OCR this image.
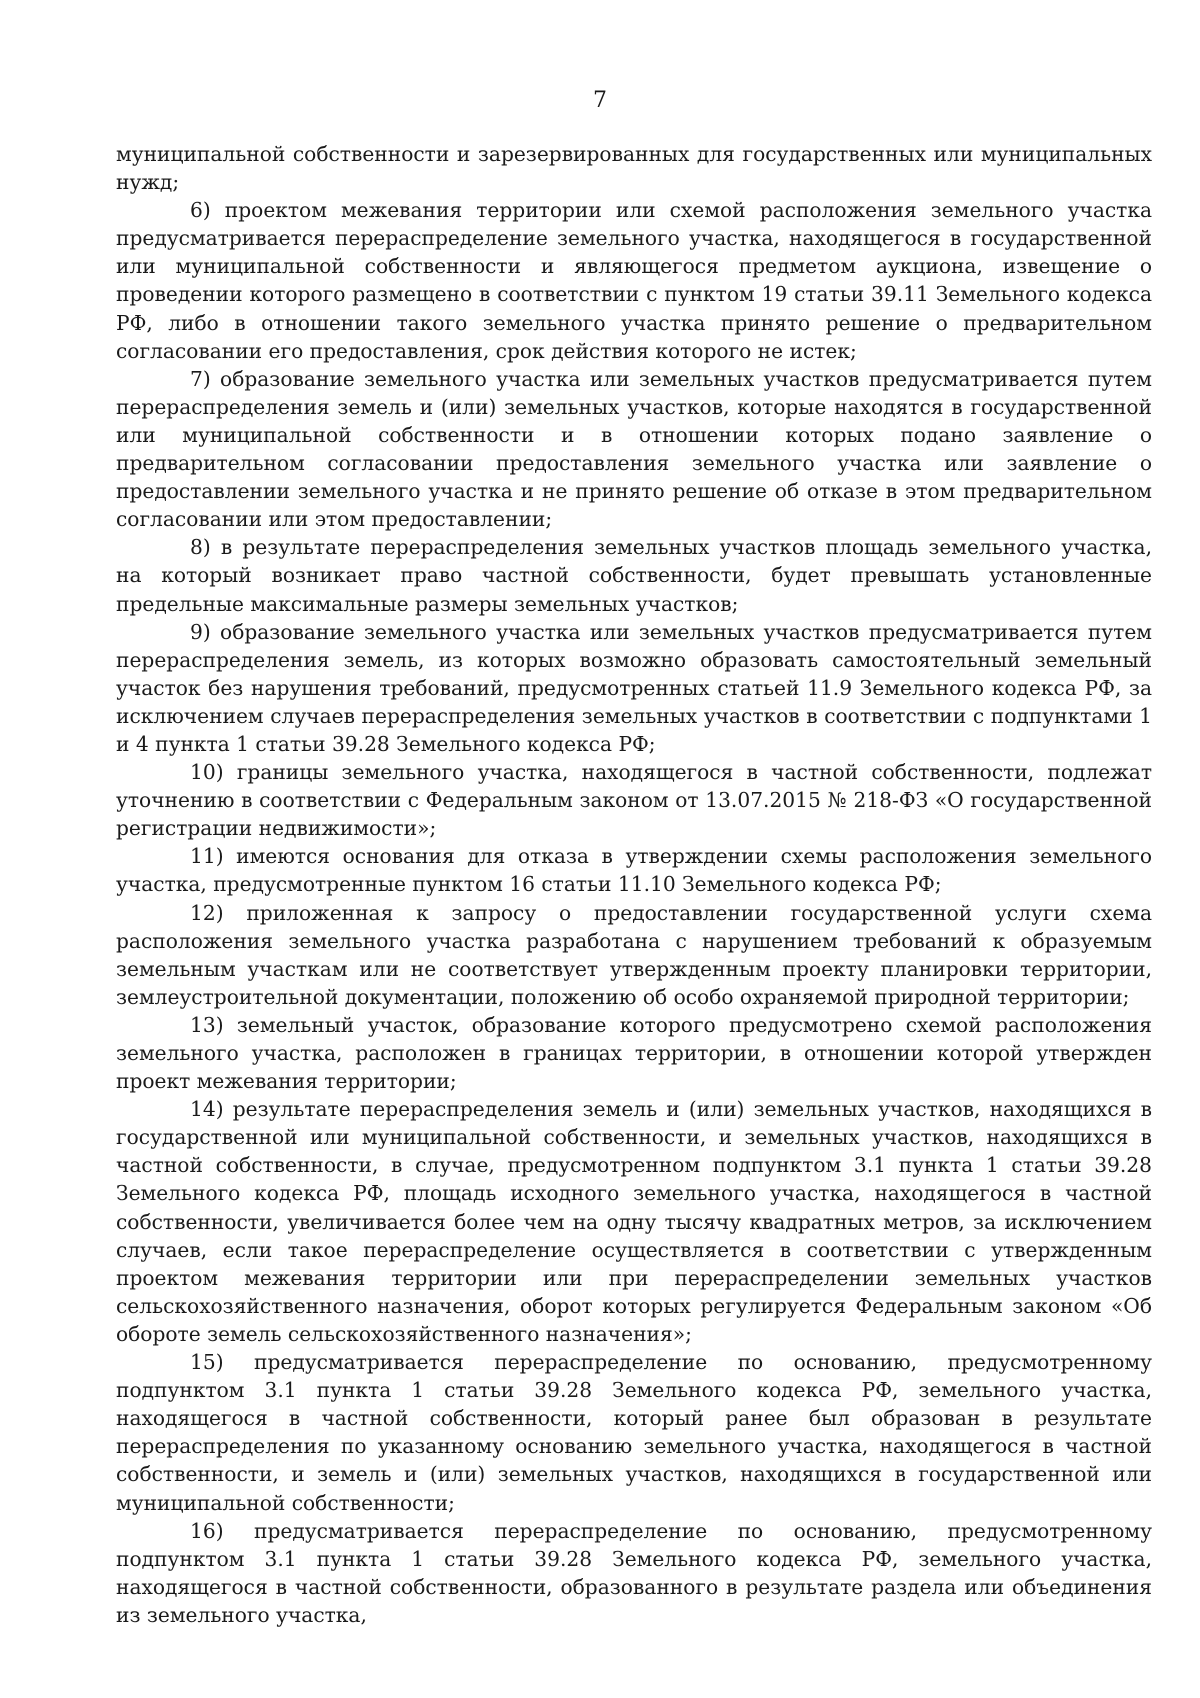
7

муниципальной собственности и зарезервированных для государственных или муниципальных нужд;

6) проектом межевания территории или схемой расположения земельного участка предусматривается перераспределение земельного участка, находящегося в государственной или муниципальной собственности и являющегося предметом аукциона, извещение о проведении которого размещено в соответствии с пунктом 19 статьи 39.11 Земельного кодекса РФ, либо в отношении такого земельного участка принято решение о предварительном согласовании его предоставления, срок действия которого не истек;

7) образование земельного участка или земельных участков предусматривается путем перераспределения земель и (или) земельных участков, которые находятся в государственной или муниципальной собственности и в отношении которых подано заявление о предварительном согласовании предоставления земельного участка или заявление о предоставлении земельного участка и не принято решение об отказе в этом предварительном согласовании или этом предоставлении;

8) в результате перераспределения земельных участков площадь земельного участка, на который возникает право частной собственности, будет превышать установленные предельные максимальные размеры земельных участков;

9) образование земельного участка или земельных участков предусматривается путем перераспределения земель, из которых возможно образовать самостоятельный земельный участок без нарушения требований, предусмотренных статьей 11.9 Земельного кодекса РФ, за исключением случаев перераспределения земельных участков в соответствии с подпунктами 1 и 4 пункта 1 статьи 39.28 Земельного кодекса РФ;

10) границы земельного участка, находящегося в частной собственности, подлежат уточнению в соответствии с Федеральным законом от 13.07.2015 № 218-ФЗ «О государственной регистрации недвижимости»;

11) имеются основания для отказа в утверждении схемы расположения земельного участка, предусмотренные пунктом 16 статьи 11.10 Земельного кодекса РФ;

12) приложенная к запросу о предоставлении государственной услуги схема расположения земельного участка разработана с нарушением требований к образуемым земельным участкам или не соответствует утвержденным проекту планировки территории, землеустроительной документации, положению об особо охраняемой природной территории;

13) земельный участок, образование которого предусмотрено схемой расположения земельного участка, расположен в границах территории, в отношении которой утвержден проект межевания территории;

14) результате перераспределения земель и (или) земельных участков, находящихся в государственной или муниципальной собственности, и земельных участков, находящихся в частной собственности, в случае, предусмотренном подпунктом 3.1 пункта 1 статьи 39.28 Земельного кодекса РФ, площадь исходного земельного участка, находящегося в частной собственности, увеличивается более чем на одну тысячу квадратных метров, за исключением случаев, если такое перераспределение осуществляется в соответствии с утвержденным проектом межевания территории или при перераспределении земельных участков сельскохозяйственного назначения, оборот которых регулируется Федеральным законом «Об обороте земель сельскохозяйственного назначения»;

15) предусматривается перераспределение по основанию, предусмотренному подпунктом 3.1 пункта 1 статьи 39.28 Земельного кодекса РФ, земельного участка, находящегося в частной собственности, который ранее был образован в результате перераспределения по указанному основанию земельного участка, находящегося в частной собственности, и земель и (или) земельных участков, находящихся в государственной или муниципальной собственности;

16) предусматривается перераспределение по основанию, предусмотренному подпунктом 3.1 пункта 1 статьи 39.28 Земельного кодекса РФ, земельного участка, находящегося в частной собственности, образованного в результате раздела или объединения из земельного участка,
